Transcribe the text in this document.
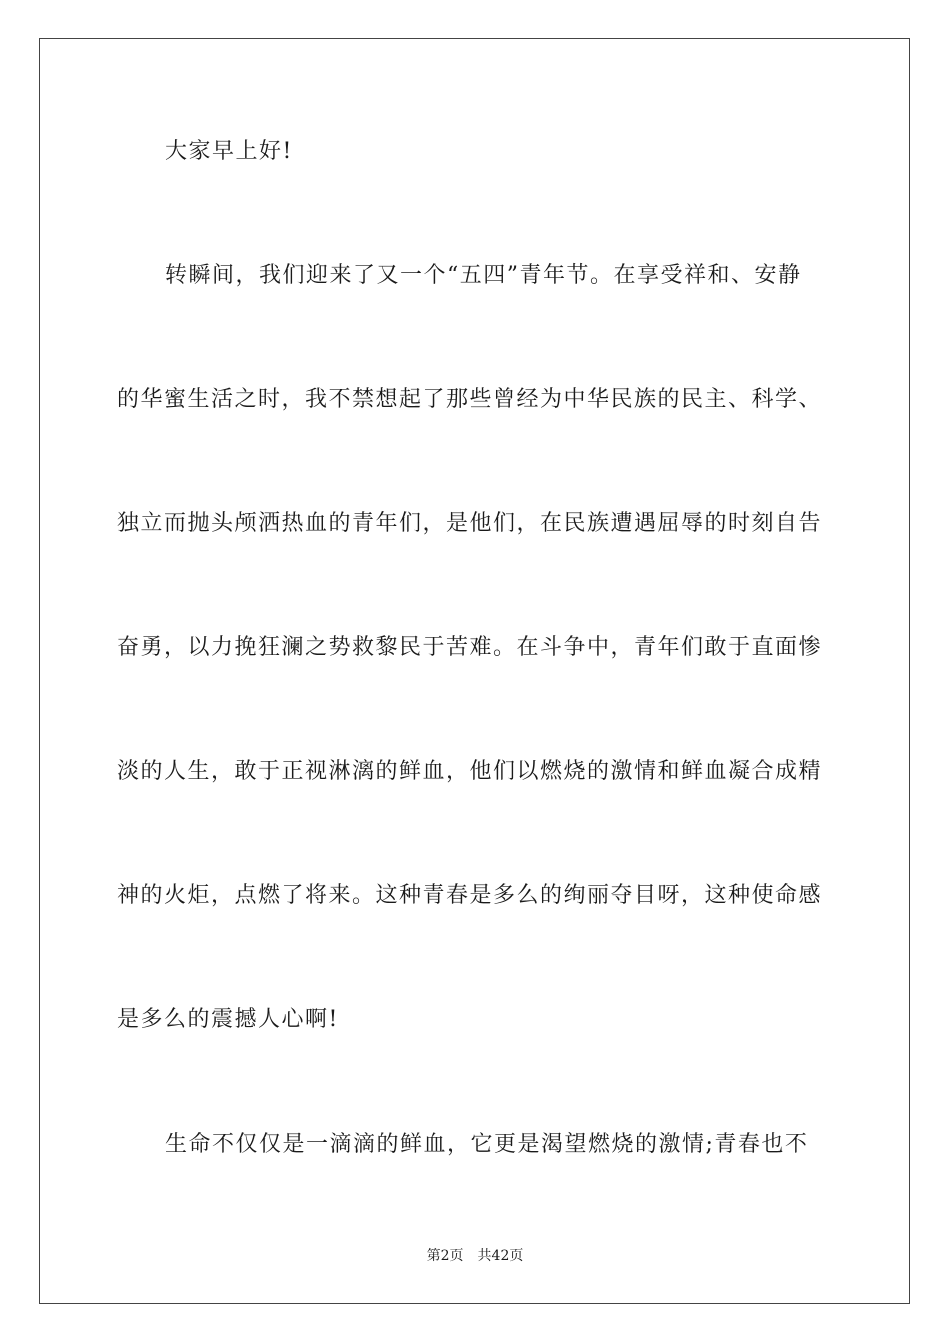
大家早上好!
转瞬间，我们迎来了又一个“五四”青年节。在享受祥和、安静
的华蜜生活之时，我不禁想起了那些曾经为中华民族的民主、科学、
独立而抛头颅洒热血的青年们，是他们，在民族遭遇屈辱的时刻自告
奋勇，以力挽狂澜之势救黎民于苦难。在斗争中，青年们敢于直面惨
淡的人生，敢于正视淋漓的鲜血，他们以燃烧的激情和鲜血凝合成精
神的火炬，点燃了将来。这种青春是多么的绚丽夺目呀，这种使命感
是多么的震撼人心啊!
生命不仅仅是一滴滴的鲜血，它更是渴望燃烧的激情;青春也不
第2页 共42页
